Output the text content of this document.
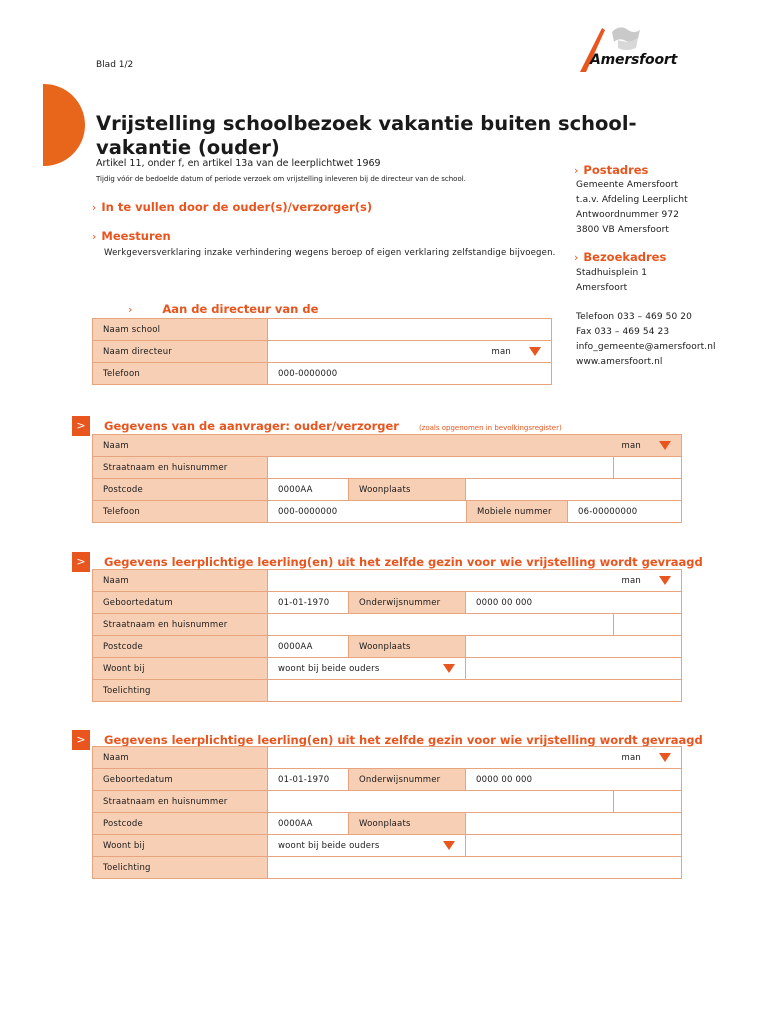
Blad 1/2	Amersfoort
Vrijstelling schoolbezoek vakantie buiten school-vakantie (ouder)
Artikel 11, onder f, en artikel 13a van de leerplichtwet 1969
Tijdig vóór de bedoelde datum of periode verzoek om vrijstelling inleveren bij de directeur van de school.
› In te vullen door de ouder(s)/verzorger(s)
› Meesturen
Werkgeversverklaring inzake verhindering wegens beroep of eigen verklaring zelfstandige bijvoegen.
›	Aan de directeur van de
› Postadres
Gemeente Amersfoort
t.a.v. Afdeling Leerplicht
Antwoordnummer 972
3800 VB Amersfoort
› Bezoekadres
Stadhuisplein 1
Amersfoort
Telefoon 033 – 469 50 20
Fax 033 – 469 54 23
info_gemeente@amersfoort.nl
www.amersfoort.nl
Naam school	
Naam directeur	man

Telefoon	000-0000000
>	Gegevens van de aanvrager: ouder/verzorger	(zoals opgenomen in bevolkingsregister)
Naam man		

Straatnaam en huisnummer		
Postcode	0000AA Woonplaats	

Telefoon	000-0000000 Mobiele nummer 06-00000000	
>	Gegevens leerplichtige leerling(en) uit het zelfde gezin voor wie vrijstelling wordt gevraagd
Naam	man

Geboortedatum	01-01-1970 Onderwijsnummer 0000 00 000

Straatnaam en huisnummer	

Postcode	0000AA Woonplaats

Woont bij	woont bij beide ouders

Toelichting	
>	Gegevens leerplichtige leerling(en) uit het zelfde gezin voor wie vrijstelling wordt gevraagd
Naam	man

Geboortedatum	01-01-1970 Onderwijsnummer 0000 00 000

Straatnaam en huisnummer	

Postcode	0000AA Woonplaats

Woont bij	woont bij beide ouders

Toelichting	
